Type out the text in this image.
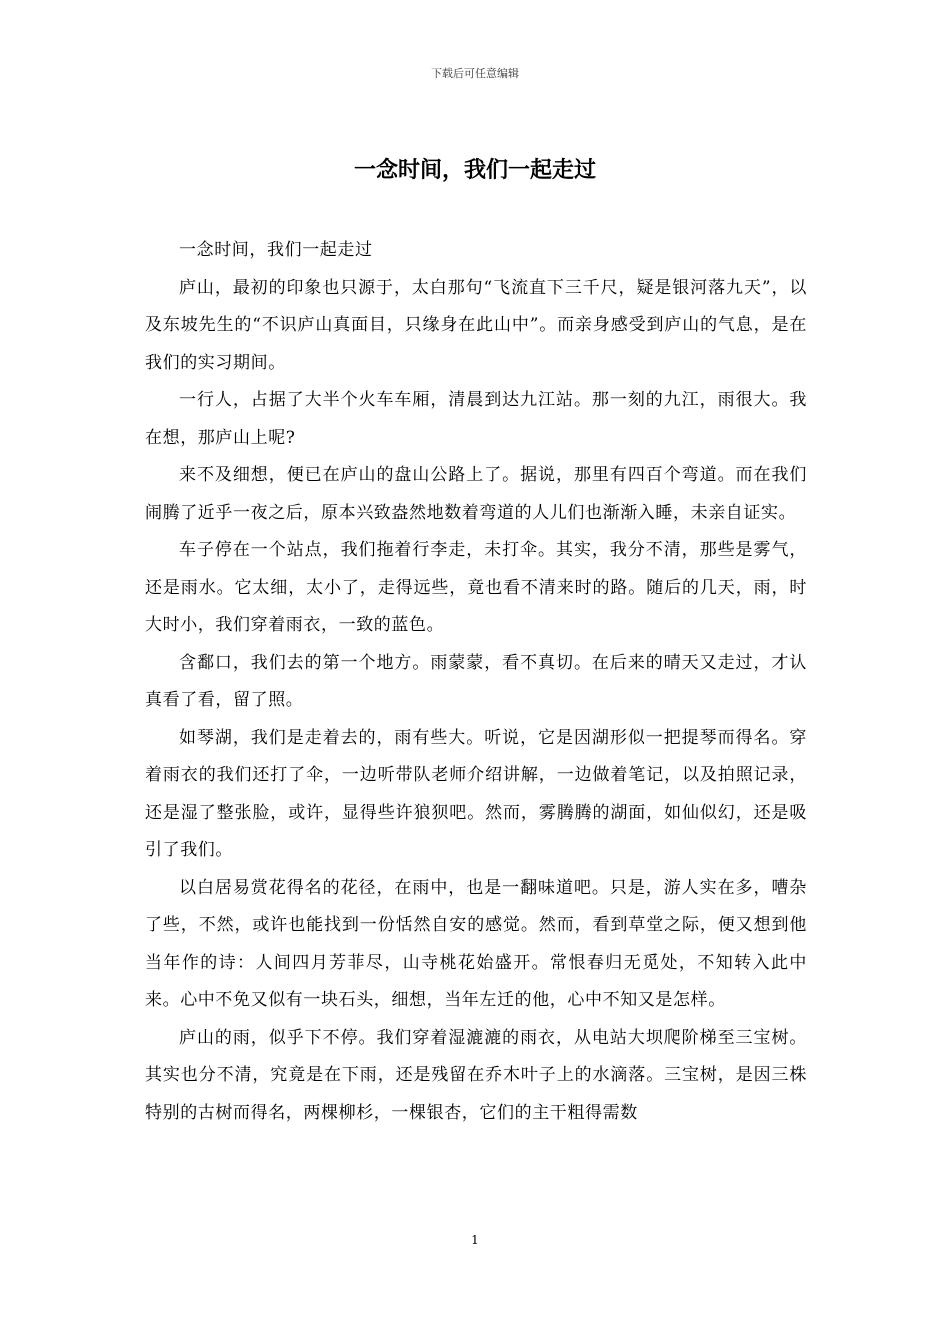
下载后可任意编辑
一念时间，我们一起走过

一念时间，我们一起走过

庐山，最初的印象也只源于，太白那句“飞流直下三千尺，疑是银河落九天”，以及东坡先生的“不识庐山真面目，只缘身在此山中”。而亲身感受到庐山的气息，是在我们的实习期间。

一行人，占据了大半个火车车厢，清晨到达九江站。那一刻的九江，雨很大。我在想，那庐山上呢?

来不及细想，便已在庐山的盘山公路上了。据说，那里有四百个弯道。而在我们闹腾了近乎一夜之后，原本兴致盎然地数着弯道的人儿们也渐渐入睡，未亲自证实。

车子停在一个站点，我们拖着行李走，未打伞。其实，我分不清，那些是雾气，还是雨水。它太细，太小了，走得远些，竟也看不清来时的路。随后的几天，雨，时大时小，我们穿着雨衣，一致的蓝色。

含鄱口，我们去的第一个地方。雨蒙蒙，看不真切。在后来的晴天又走过，才认真看了看，留了照。

如琴湖，我们是走着去的，雨有些大。听说，它是因湖形似一把提琴而得名。穿着雨衣的我们还打了伞，一边听带队老师介绍讲解，一边做着笔记，以及拍照记录，还是湿了整张脸，或许，显得些许狼狈吧。然而，雾腾腾的湖面，如仙似幻，还是吸引了我们。

以白居易赏花得名的花径，在雨中，也是一翻味道吧。只是，游人实在多，嘈杂了些，不然，或许也能找到一份恬然自安的感觉。然而，看到草堂之际，便又想到他当年作的诗：人间四月芳菲尽，山寺桃花始盛开。常恨春归无觅处，不知转入此中来。心中不免又似有一块石头，细想，当年左迁的他，心中不知又是怎样。

庐山的雨，似乎下不停。我们穿着湿漉漉的雨衣，从电站大坝爬阶梯至三宝树。其实也分不清，究竟是在下雨，还是残留在乔木叶子上的水滴落。三宝树，是因三株特别的古树而得名，两棵柳杉，一棵银杏，它们的主干粗得需数

1
